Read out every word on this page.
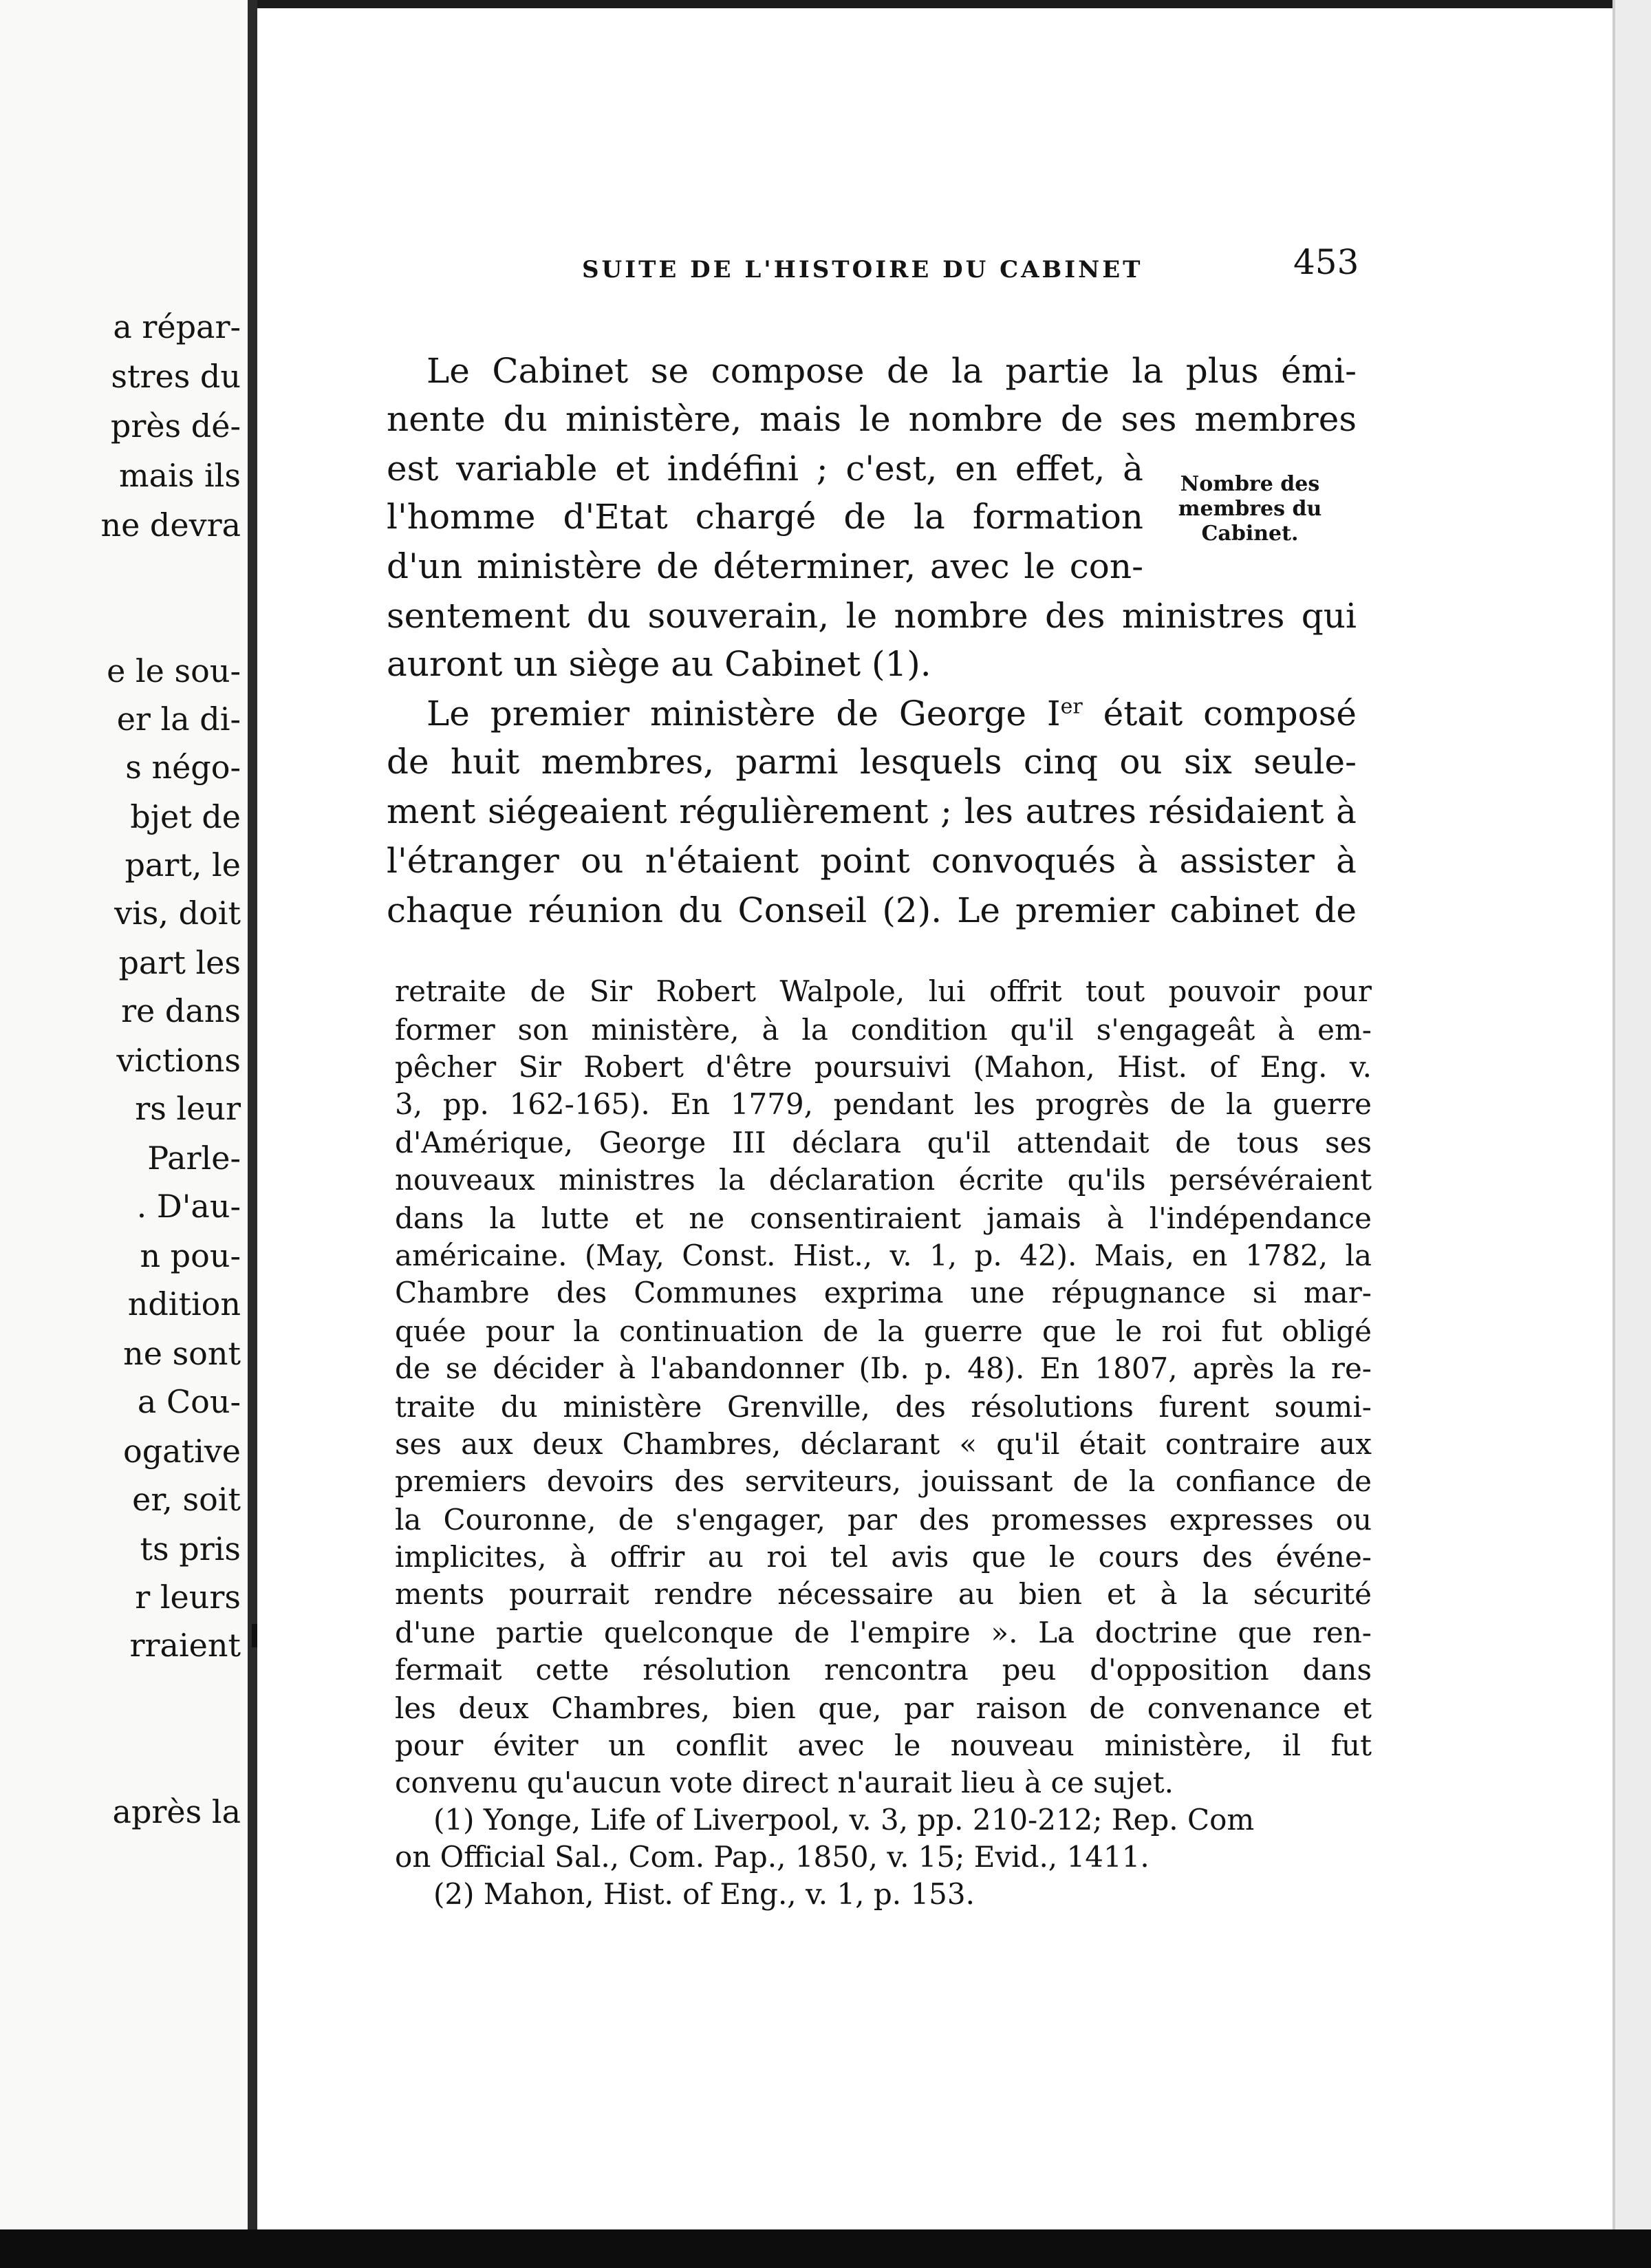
a répar-
stres du
près dé-
mais ils
ne devra
e le sou-
er la di-
s négo-
bjet de
part, le
vis, doit
part les
re dans
victions
rs leur
Parle-
. D'au-
n pou-
ndition
ne sont
a Cou-
ogative
er, soit
ts pris
r leurs
rraient
après la
SUITE DE L'HISTOIRE DU CABINET	453
Le Cabinet se compose de la partie la plus émi-
nente du ministère, mais le nombre de ses membres
est variable et indéfini ; c'est, en effet, à
l'homme d'Etat chargé de la formation
d'un ministère de déterminer, avec le con-
sentement du souverain, le nombre des ministres qui
auront un siège au Cabinet (1).
Nombre des
membres du
Cabinet.
Le premier ministère de George Ier était composé
de huit membres, parmi lesquels cinq ou six seule-
ment siégeaient régulièrement ; les autres résidaient à
l'étranger ou n'étaient point convoqués à assister à
chaque réunion du Conseil (2). Le premier cabinet de
retraite de Sir Robert Walpole, lui offrit tout pouvoir pour
former son ministère, à la condition qu'il s'engageât à em-
pêcher Sir Robert d'être poursuivi (Mahon, Hist. of Eng. v.
3, pp. 162-165). En 1779, pendant les progrès de la guerre
d'Amérique, George III déclara qu'il attendait de tous ses
nouveaux ministres la déclaration écrite qu'ils persévéraient
dans la lutte et ne consentiraient jamais à l'indépendance
américaine. (May, Const. Hist., v. 1, p. 42). Mais, en 1782, la
Chambre des Communes exprima une répugnance si mar-
quée pour la continuation de la guerre que le roi fut obligé
de se décider à l'abandonner (Ib. p. 48). En 1807, après la re-
traite du ministère Grenville, des résolutions furent soumi-
ses aux deux Chambres, déclarant « qu'il était contraire aux
premiers devoirs des serviteurs, jouissant de la confiance de
la Couronne, de s'engager, par des promesses expresses ou
implicites, à offrir au roi tel avis que le cours des événe-
ments pourrait rendre nécessaire au bien et à la sécurité
d'une partie quelconque de l'empire ». La doctrine que ren-
fermait cette résolution rencontra peu d'opposition dans
les deux Chambres, bien que, par raison de convenance et
pour éviter un conflit avec le nouveau ministère, il fut
convenu qu'aucun vote direct n'aurait lieu à ce sujet.
(1) Yonge, Life of Liverpool, v. 3, pp. 210-212; Rep. Com
on Official Sal., Com. Pap., 1850, v. 15; Evid., 1411.
(2) Mahon, Hist. of Eng., v. 1, p. 153.
